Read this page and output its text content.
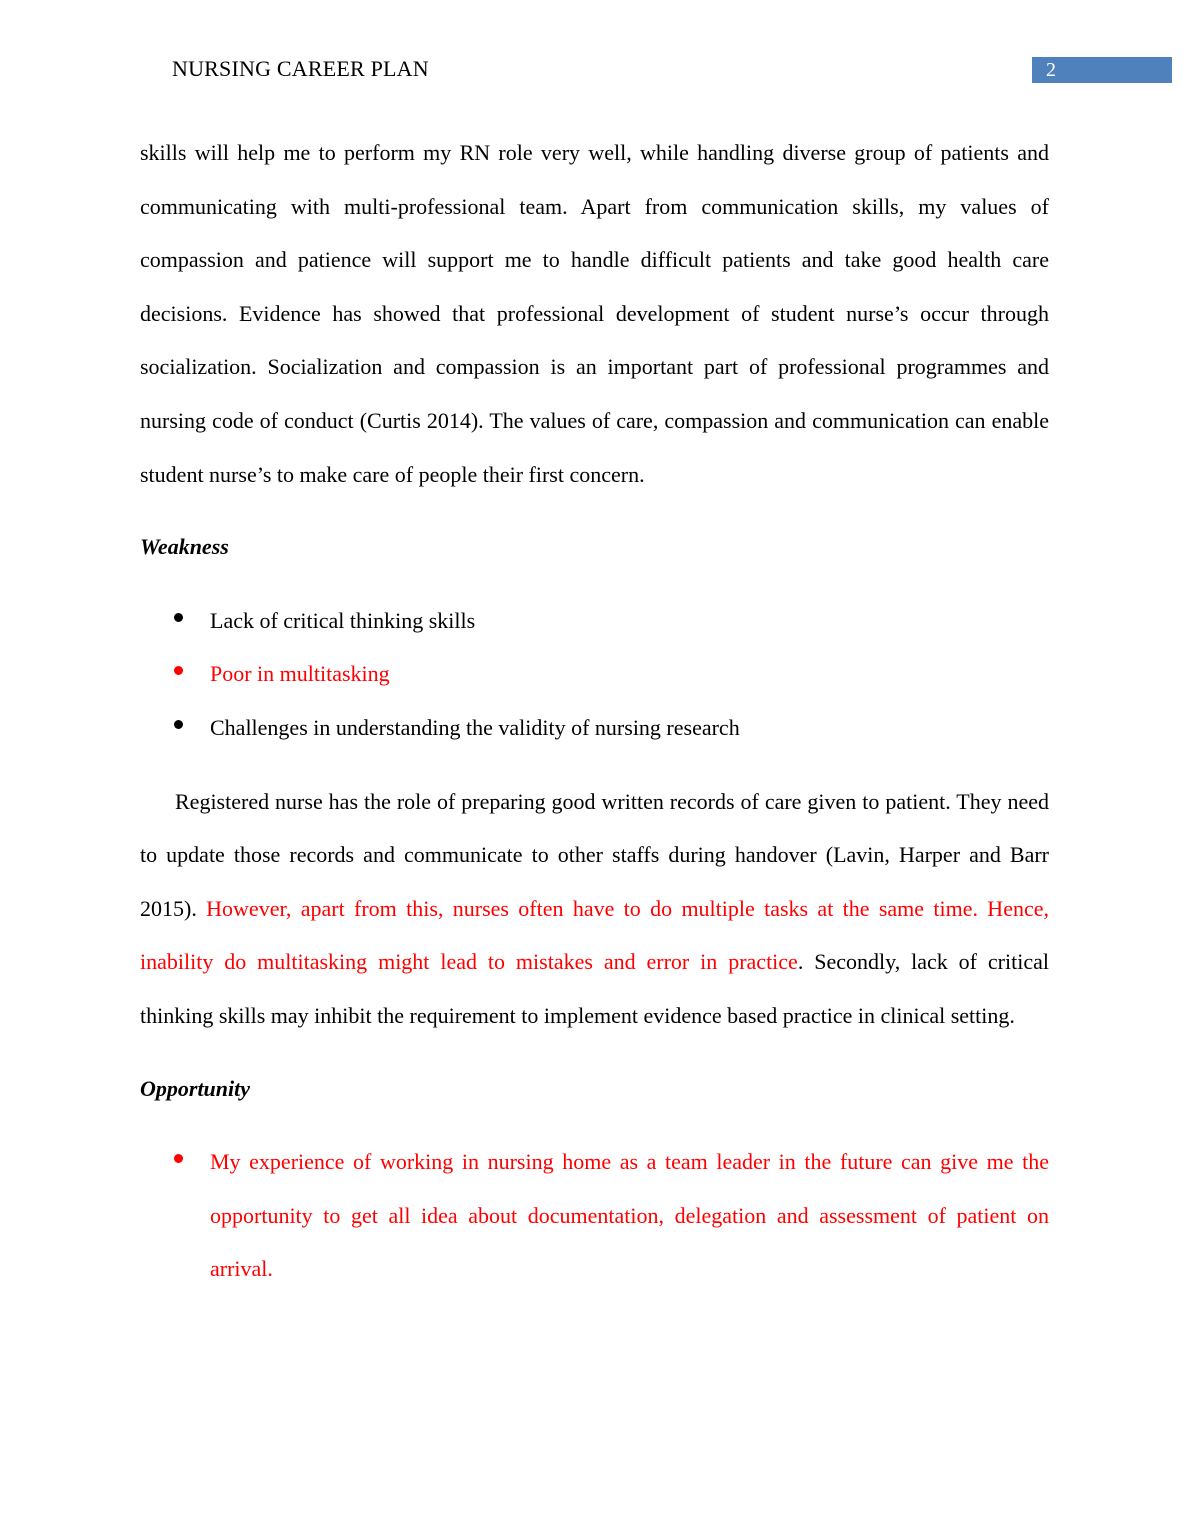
NURSING CAREER PLAN	2

skills will help me to perform my RN role very well, while handling diverse group of patients and communicating with multi-professional team. Apart from communication skills, my values of compassion and patience will support me to handle difficult patients and take good health care decisions. Evidence has showed that professional development of student nurse’s occur through socialization. Socialization and compassion is an important part of professional programmes and nursing code of conduct (Curtis 2014). The values of care, compassion and communication can enable student nurse’s to make care of people their first concern.

Weakness

Lack of critical thinking skills
Poor in multitasking
Challenges in understanding the validity of nursing research

Registered nurse has the role of preparing good written records of care given to patient. They need to update those records and communicate to other staffs during handover (Lavin, Harper and Barr 2015). However, apart from this, nurses often have to do multiple tasks at the same time. Hence, inability do multitasking might lead to mistakes and error in practice. Secondly, lack of critical thinking skills may inhibit the requirement to implement evidence based practice in clinical setting.

Opportunity

My experience of working in nursing home as a team leader in the future can give me the opportunity to get all idea about documentation, delegation and assessment of patient on arrival.
